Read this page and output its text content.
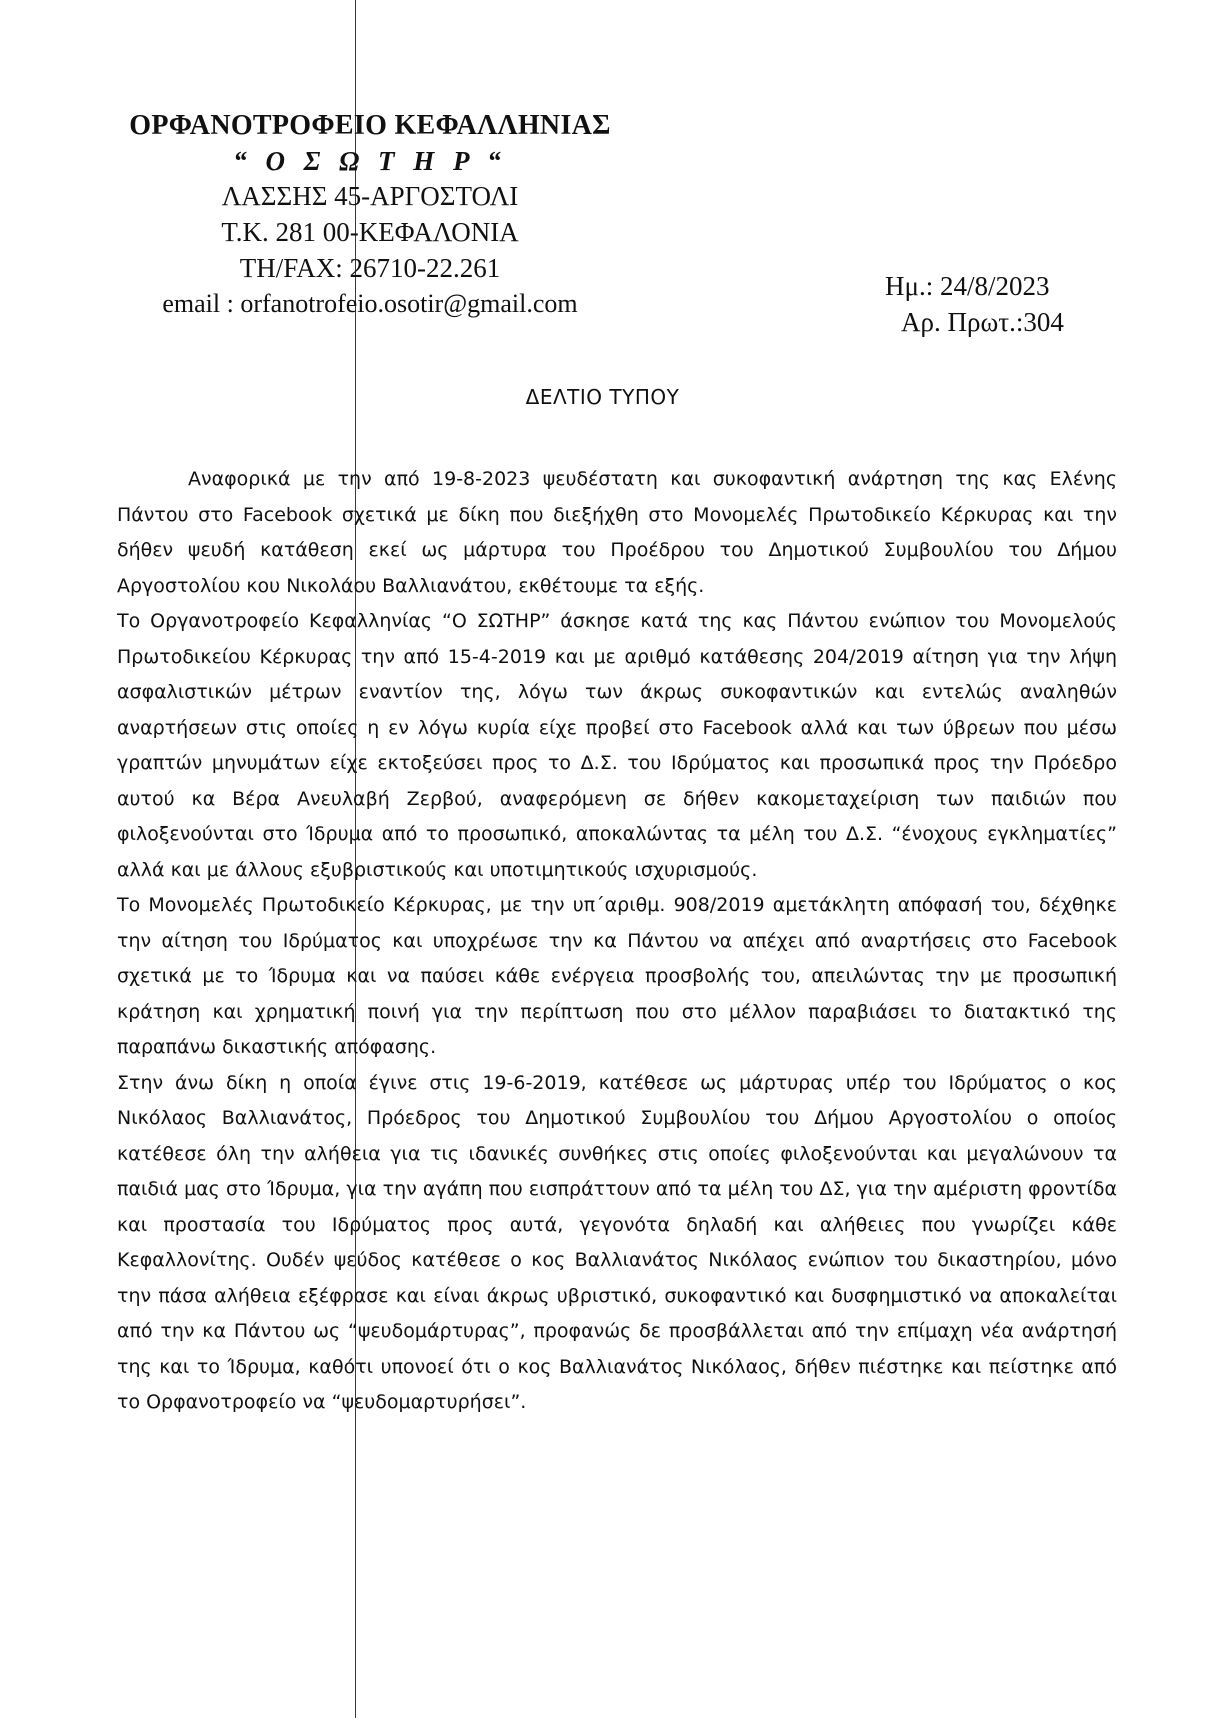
ΟΡΦΑΝΟΤΡΟΦΕΙΟ ΚΕΦΑΛΛΗΝΙΑΣ
“ Ο Σ Ω Τ Η Ρ “
ΛΑΣΣΗΣ 45-ΑΡΓΟΣΤΟΛΙ
Τ.Κ. 281 00-ΚΕΦΑΛΟΝΙΑ
ΤΗ/FAX: 26710-22.261
email : orfanotrofeio.osotir@gmail.com
Ημ.: 24/8/2023
Αρ. Πρωτ.:304
ΔΕΛΤΙΟ ΤΥΠΟΥ

Αναφορικά με την από 19-8-2023 ψευδέστατη και συκοφαντική ανάρτηση της κας Ελένης Πάντου στο Facebook σχετικά με δίκη που διεξήχθη στο Μονομελές Πρωτοδικείο Κέρκυρας και την δήθεν ψευδή κατάθεση εκεί ως μάρτυρα του Προέδρου του Δημοτικού Συμβουλίου του Δήμου Αργοστολίου κου Νικολάου Βαλλιανάτου, εκθέτουμε τα εξής.

Το Οργανοτροφείο Κεφαλληνίας “Ο ΣΩΤΗΡ” άσκησε κατά της κας Πάντου ενώπιον του Μονομελούς Πρωτοδικείου Κέρκυρας την από 15-4-2019 και με αριθμό κατάθεσης 204/2019 αίτηση για την λήψη ασφαλιστικών μέτρων εναντίον της, λόγω των άκρως συκοφαντικών και εντελώς αναληθών αναρτήσεων στις οποίες η εν λόγω κυρία είχε προβεί στο Facebook αλλά και των ύβρεων που μέσω γραπτών μηνυμάτων είχε εκτοξεύσει προς το Δ.Σ. του Ιδρύματος και προσωπικά προς την Πρόεδρο αυτού κα Βέρα Ανευλαβή Ζερβού, αναφερόμενη σε δήθεν κακομεταχείριση των παιδιών που φιλοξενούνται στο Ίδρυμα από το προσωπικό, αποκαλώντας τα μέλη του Δ.Σ. “ένοχους εγκληματίες” αλλά και με άλλους εξυβριστικούς και υποτιμητικούς ισχυρισμούς.

Το Μονομελές Πρωτοδικείο Κέρκυρας, με την υπ΄αριθμ. 908/2019 αμετάκλητη απόφασή του, δέχθηκε την αίτηση του Ιδρύματος και υποχρέωσε την κα Πάντου να απέχει από αναρτήσεις στο Facebook σχετικά με το Ίδρυμα και να παύσει κάθε ενέργεια προσβολής του, απειλώντας την με προσωπική κράτηση και χρηματική ποινή για την περίπτωση που στο μέλλον παραβιάσει το διατακτικό της παραπάνω δικαστικής απόφασης.

Στην άνω δίκη η οποία έγινε στις 19-6-2019, κατέθεσε ως μάρτυρας υπέρ του Ιδρύματος ο κος Νικόλαος Βαλλιανάτος, Πρόεδρος του Δημοτικού Συμβουλίου του Δήμου Αργοστολίου ο οποίος κατέθεσε όλη την αλήθεια για τις ιδανικές συνθήκες στις οποίες φιλοξενούνται και μεγαλώνουν τα παιδιά μας στο Ίδρυμα, για την αγάπη που εισπράττουν από τα μέλη του ΔΣ, για την αμέριστη φροντίδα και προστασία του Ιδρύματος προς αυτά, γεγονότα δηλαδή και αλήθειες που γνωρίζει κάθε Κεφαλλονίτης. Ουδέν ψεύδος κατέθεσε ο κος Βαλλιανάτος Νικόλαος ενώπιον του δικαστηρίου, μόνο την πάσα αλήθεια εξέφρασε και είναι άκρως υβριστικό, συκοφαντικό και δυσφημιστικό να αποκαλείται από την κα Πάντου ως “ψευδομάρτυρας”, προφανώς δε προσβάλλεται από την επίμαχη νέα ανάρτησή της και το Ίδρυμα, καθότι υπονοεί ότι ο κος Βαλλιανάτος Νικόλαος, δήθεν πιέστηκε και πείστηκε από το Ορφανοτροφείο να “ψευδομαρτυρήσει”.
